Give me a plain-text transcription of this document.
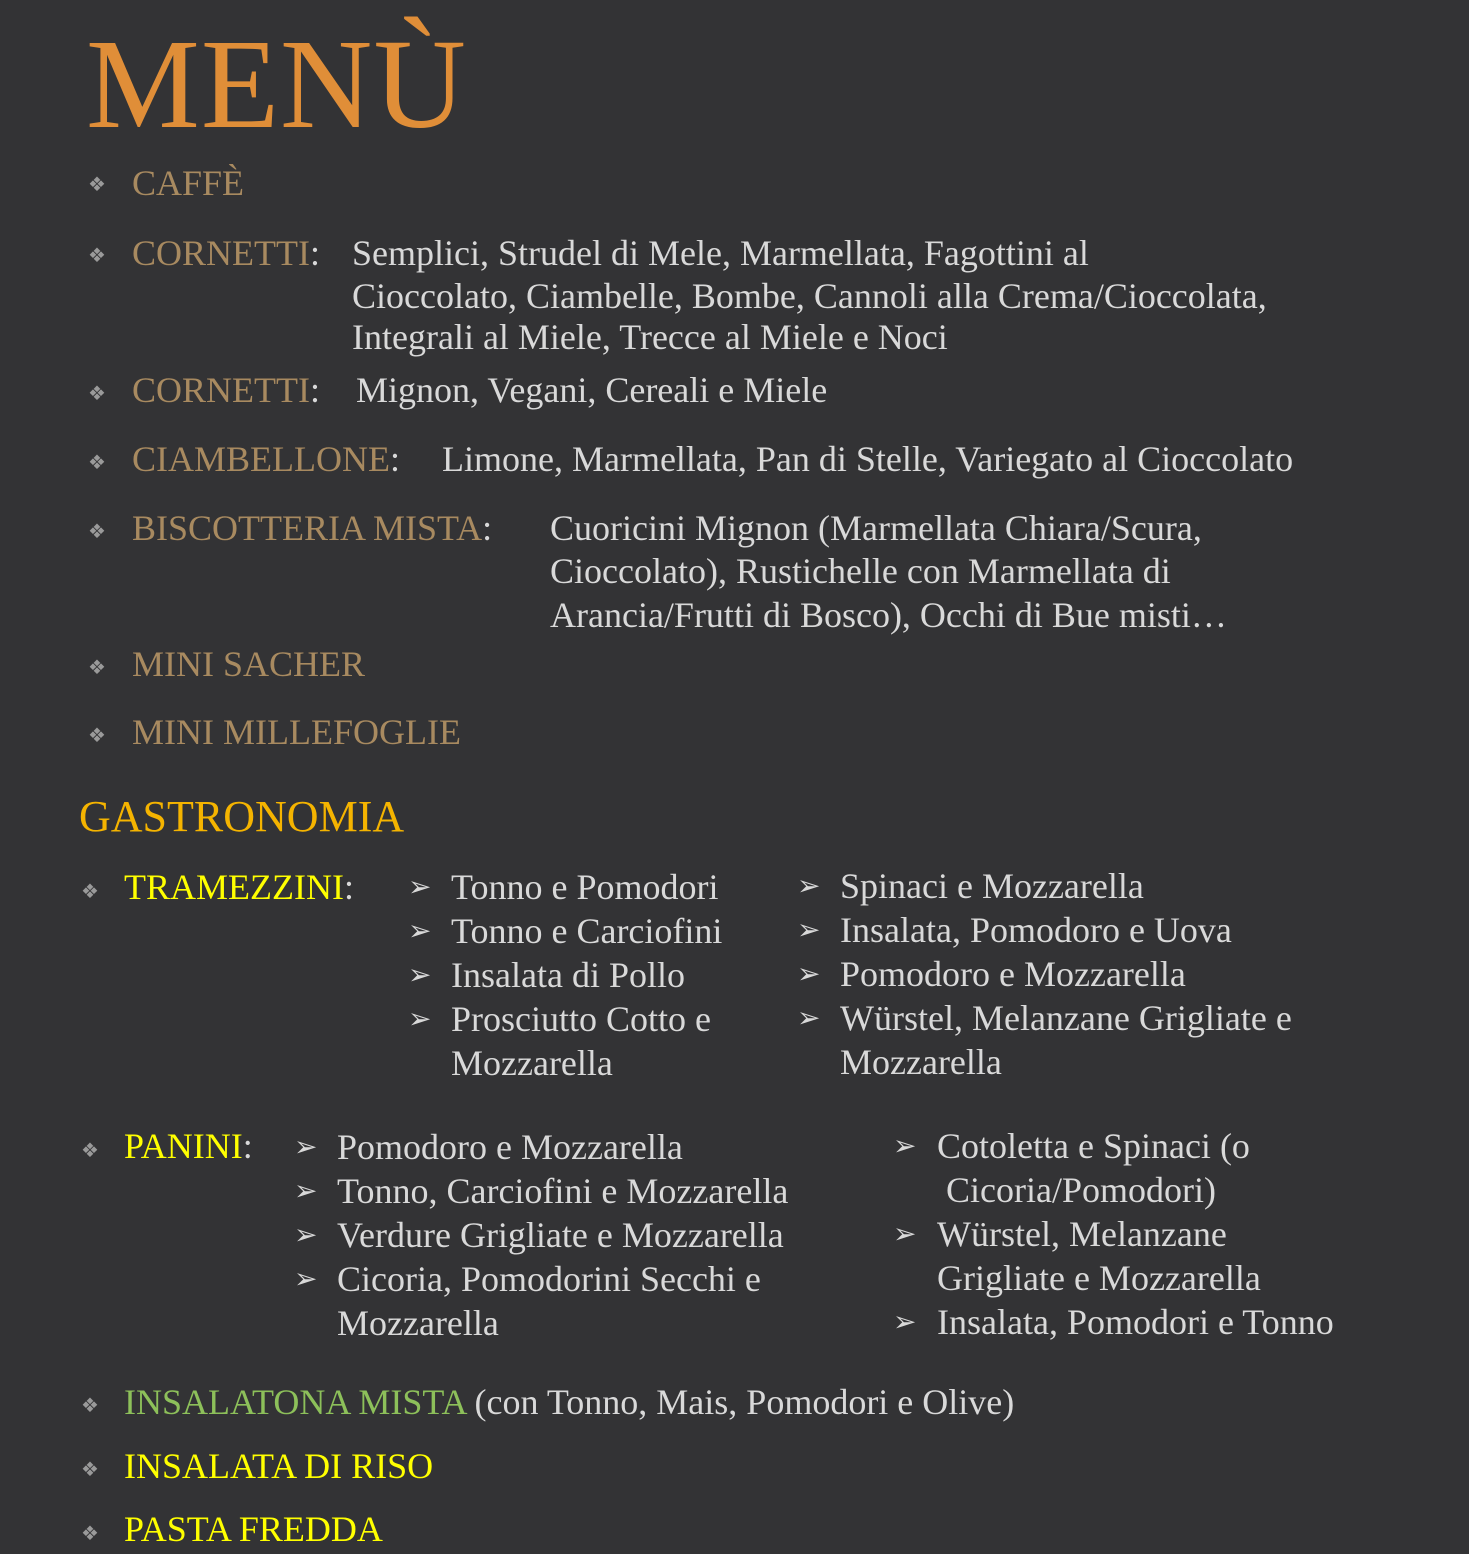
MENÙ
❖ CAFFÈ
❖ CORNETTI: Semplici, Strudel di Mele, Marmellata, Fagottini al
Cioccolato, Ciambelle, Bombe, Cannoli alla Crema/Cioccolata,
Integrali al Miele, Trecce al Miele e Noci
❖ CORNETTI: Mignon, Vegani, Cereali e Miele
❖ CIAMBELLONE: Limone, Marmellata, Pan di Stelle, Variegato al Cioccolato
❖ BISCOTTERIA MISTA: Cuoricini Mignon (Marmellata Chiara/Scura,
Cioccolato), Rustichelle con Marmellata di
Arancia/Frutti di Bosco), Occhi di Bue misti…
❖ MINI SACHER
❖ MINI MILLEFOGLIE
GASTRONOMIA
❖ TRAMEZZINI: ➢ Tonno e Pomodori
➢ Tonno e Carciofini
➢ Insalata di Pollo
➢ Prosciutto Cotto e
Mozzarella
➢ Spinaci e Mozzarella
➢ Insalata, Pomodoro e Uova
➢ Pomodoro e Mozzarella
➢ Würstel, Melanzane Grigliate e
Mozzarella
❖ PANINI: ➢ Pomodoro e Mozzarella
➢ Tonno, Carciofini e Mozzarella
➢ Verdure Grigliate e Mozzarella
➢ Cicoria, Pomodorini Secchi e
Mozzarella
➢ Cotoletta e Spinaci (o
Cicoria/Pomodori)
➢ Würstel, Melanzane
Grigliate e Mozzarella
➢ Insalata, Pomodori e Tonno
❖ INSALATONA MISTA (con Tonno, Mais, Pomodori e Olive)
❖ INSALATA DI RISO
❖ PASTA FREDDA
